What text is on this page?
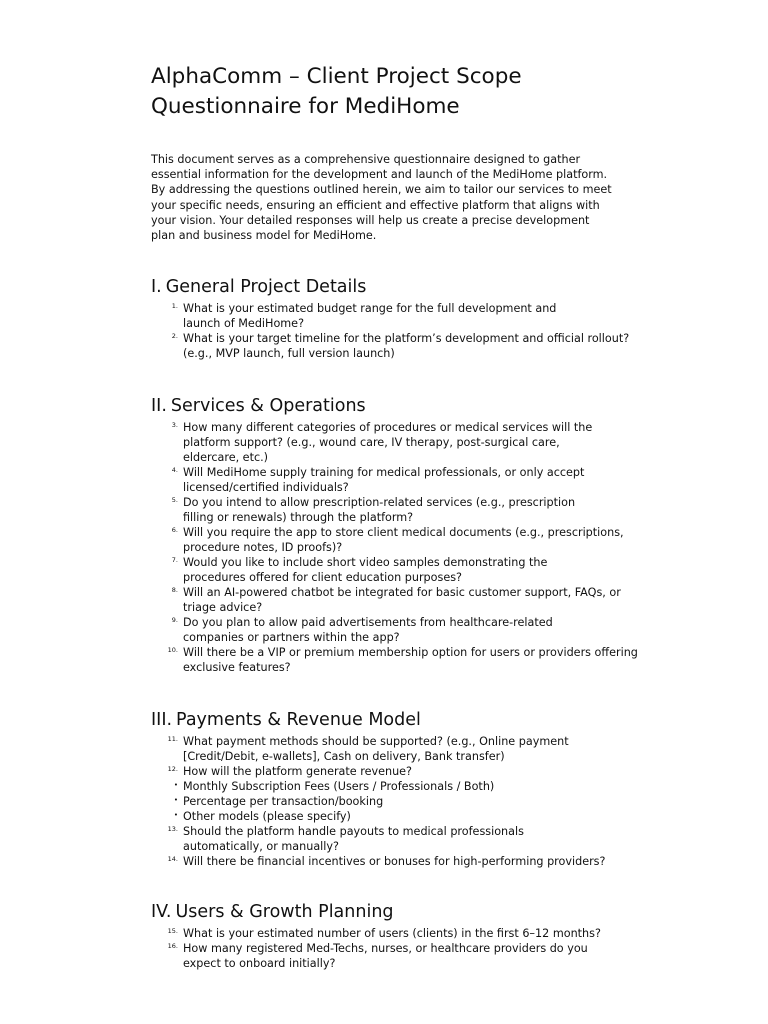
AlphaComm – Client Project Scope
Questionnaire for MediHome

This document serves as a comprehensive questionnaire designed to gather
essential information for the development and launch of the MediHome platform.
By addressing the questions outlined herein, we aim to tailor our services to meet
your specific needs, ensuring an efficient and effective platform that aligns with
your vision. Your detailed responses will help us create a precise development
plan and business model for MediHome.

I. General Project Details
1. What is your estimated budget range for the full development and
launch of MediHome?
2. What is your target timeline for the platform’s development and official rollout?
(e.g., MVP launch, full version launch)
II. Services & Operations
3. How many different categories of procedures or medical services will the
platform support? (e.g., wound care, IV therapy, post-surgical care,
eldercare, etc.)
4. Will MediHome supply training for medical professionals, or only accept
licensed/certified individuals?
5. Do you intend to allow prescription-related services (e.g., prescription
filling or renewals) through the platform?
6. Will you require the app to store client medical documents (e.g., prescriptions,
procedure notes, ID proofs)?
7. Would you like to include short video samples demonstrating the
procedures offered for client education purposes?
8. Will an AI-powered chatbot be integrated for basic customer support, FAQs, or
triage advice?
9. Do you plan to allow paid advertisements from healthcare-related
companies or partners within the app?
10. Will there be a VIP or premium membership option for users or providers offering
exclusive features?
III. Payments & Revenue Model
11. What payment methods should be supported? (e.g., Online payment
[Credit/Debit, e-wallets], Cash on delivery, Bank transfer)
12. How will the platform generate revenue?
• Monthly Subscription Fees (Users / Professionals / Both)
• Percentage per transaction/booking
• Other models (please specify)
13. Should the platform handle payouts to medical professionals
automatically, or manually?
14. Will there be financial incentives or bonuses for high-performing providers?
IV. Users & Growth Planning
15. What is your estimated number of users (clients) in the first 6–12 months?
16. How many registered Med-Techs, nurses, or healthcare providers do you
expect to onboard initially?
